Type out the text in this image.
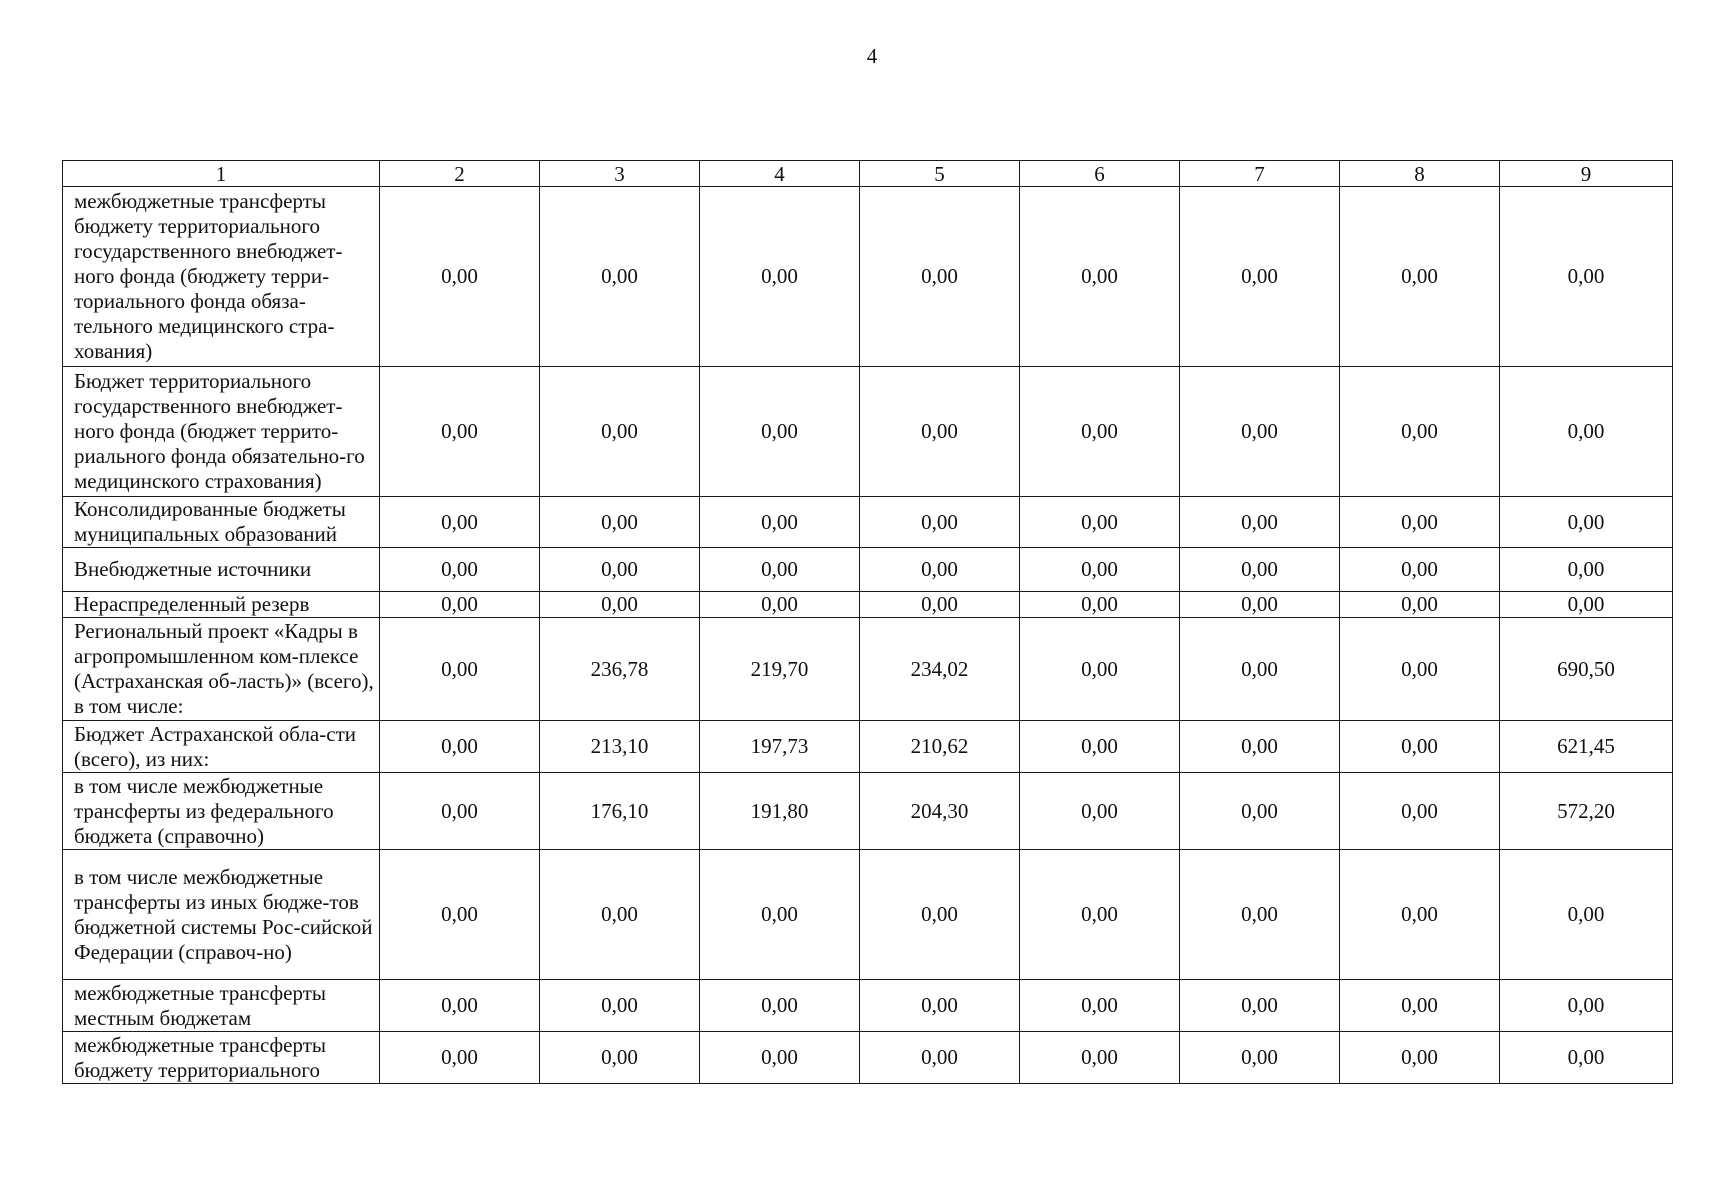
4
1	2	3	4	5	6	7	8	9
межбюджетные трансферты бюджету территориального государственного внебюджет-ного фонда (бюджету терри-ториального фонда обяза-тельного медицинского стра-хования)	0,00	0,00	0,00	0,00	0,00	0,00	0,00	0,00
Бюджет территориального государственного внебюджет-ного фонда (бюджет террито-риального фонда обязательно-го медицинского страхования)	0,00	0,00	0,00	0,00	0,00	0,00	0,00	0,00
Консолидированные бюджеты муниципальных образований	0,00	0,00	0,00	0,00	0,00	0,00	0,00	0,00
Внебюджетные источники	0,00	0,00	0,00	0,00	0,00	0,00	0,00	0,00
Нераспределенный резерв	0,00	0,00	0,00	0,00	0,00	0,00	0,00	0,00
Региональный проект «Кадры в агропромышленном ком-плексе (Астраханская об-ласть)» (всего), в том числе:	0,00	236,78	219,70	234,02	0,00	0,00	0,00	690,50
Бюджет Астраханской обла-сти (всего), из них:	0,00	213,10	197,73	210,62	0,00	0,00	0,00	621,45
в том числе межбюджетные трансферты из федерального бюджета (справочно)	0,00	176,10	191,80	204,30	0,00	0,00	0,00	572,20
в том числе межбюджетные трансферты из иных бюдже-тов бюджетной системы Рос-сийской Федерации (справоч-но)	0,00	0,00	0,00	0,00	0,00	0,00	0,00	0,00
межбюджетные трансферты местным бюджетам	0,00	0,00	0,00	0,00	0,00	0,00	0,00	0,00
межбюджетные трансферты бюджету территориального	0,00	0,00	0,00	0,00	0,00	0,00	0,00	0,00
